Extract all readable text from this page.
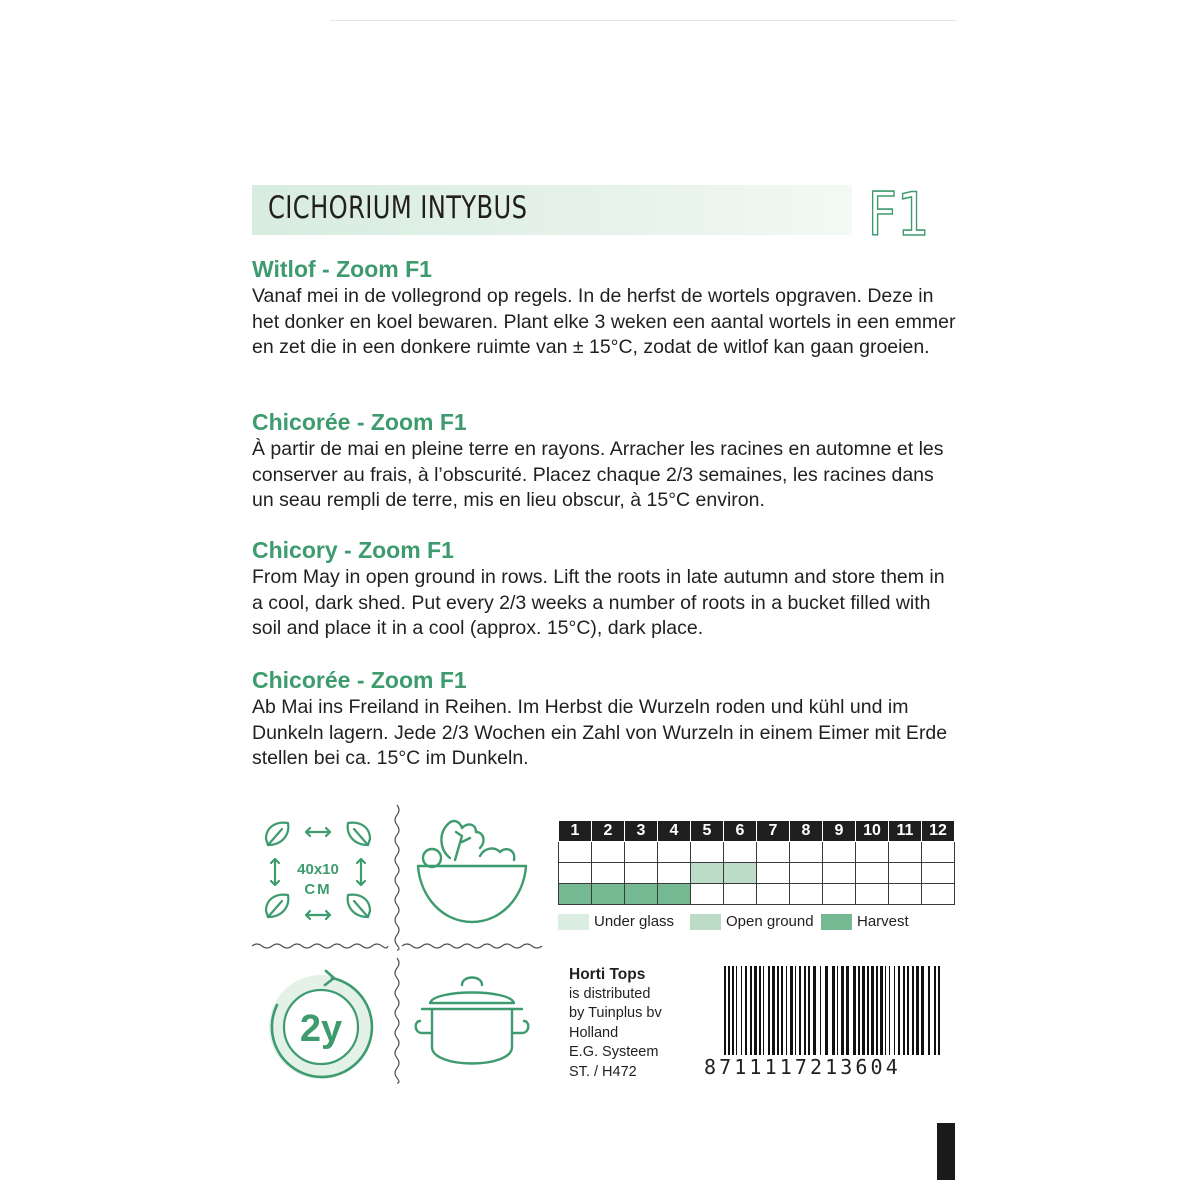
CICHORIUM INTYBUS	F1
Witlof - Zoom F1
Vanaf mei in de vollegrond op regels. In de herfst de wortels opgraven. Deze in het donker en koel bewaren. Plant elke 3 weken een aantal wortels in een emmer en zet die in een donkere ruimte van ± 15°C, zodat de witlof kan gaan groeien.
Chicorée - Zoom F1
À partir de mai en pleine terre en rayons. Arracher les racines en automne et les conserver au frais, à l’obscurité. Placez chaque 2/3 semaines, les racines dans un seau rempli de terre, mis en lieu obscur, à 15°C environ.
Chicory - Zoom F1
From May in open ground in rows. Lift the roots in late autumn and store them in a cool, dark shed. Put every 2/3 weeks a number of roots in a bucket filled with soil and place it in a cool (approx. 15°C), dark place.
Chicorée - Zoom F1
Ab Mai ins Freiland in Reihen. Im Herbst die Wurzeln roden und kühl und im Dunkeln lagern. Jede 2/3 Wochen ein Zahl von Wurzeln in einem Eimer mit Erde stellen bei ca. 15°C im Dunkeln.
40x10
CM
2y
1	2	3	4	5	6	7	8	9	10	11	12

Under glass	Open ground	Harvest
Horti Tops
is distributed
by Tuinplus bv
Holland
E.G. Systeem
ST. / H472	8711117213604
